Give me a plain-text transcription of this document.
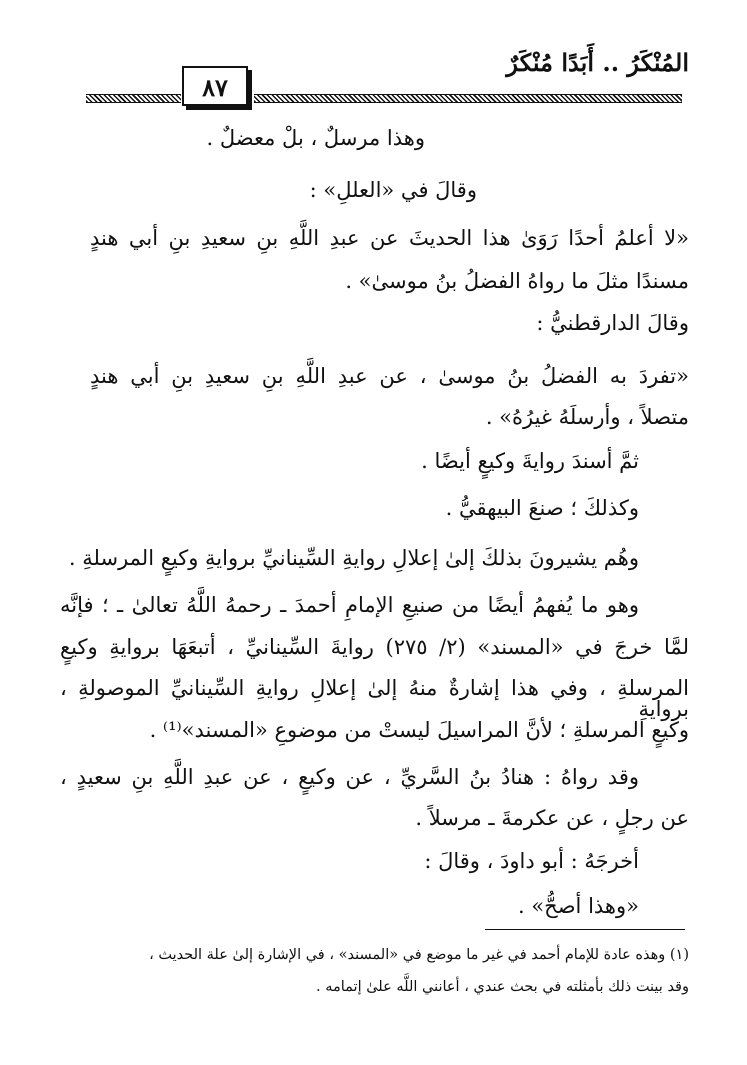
المُنْكَرُ .. أَبَدًا مُنْكَرٌ
٨٧
وهذا مرسلٌ ، بلْ معضلٌ .
وقالَ في «العللِ» :
«لا أعلمُ أحدًا رَوَىٰ هذا الحديثَ عن عبدِ اللَّهِ بنِ سعيدِ بنِ أبي هندٍ
مسندًا مثلَ ما رواهُ الفضلُ بنُ موسىٰ» .
وقالَ الدارقطنيُّ :
«تفردَ به الفضلُ بنُ موسىٰ ، عن عبدِ اللَّهِ بنِ سعيدِ بنِ أبي هندٍ
متصلاً ، وأرسلَهُ غيرُهُ» .
ثمَّ أسندَ روايةَ وكيعٍ أيضًا .
وكذلكَ ؛ صنعَ البيهقيُّ .
وهُم يشيرونَ بذلكَ إلىٰ إعلالِ روايةِ السِّينانيِّ بروايةِ وكيعٍ المرسلةِ .
وهو ما يُفهمُ أيضًا من صنيعِ الإمامِ أحمدَ ـ رحمهُ اللَّهُ تعالىٰ ـ ؛ فإنَّه
لمَّا خرجَ في «المسند» (٢/ ٢٧٥) روايةَ السِّينانيِّ ، أتبعَهَا بروايةِ وكيعٍ
المرسلةِ ، وفي هذا إشارةٌ منهُ إلىٰ إعلالِ روايةِ السِّينانيِّ الموصولةِ ، بروايةِ
وكيعٍ المرسلةِ ؛ لأنَّ المراسيلَ ليستْ من موضوعِ «المسند»⁽¹⁾ .
وقد رواهُ : هنادُ بنُ السَّريِّ ، عن وكيعٍ ، عن عبدِ اللَّهِ بنِ سعيدٍ ،
عن رجلٍ ، عن عكرمةَ ـ مرسلاً .
أخرجَهُ : أبو داودَ ، وقالَ :
«وهذا أصحُّ» .
(١) وهذه عادة للإمام أحمد في غير ما موضع في «المسند» ، في الإشارة إلىٰ علة الحديث ،
وقد بينت ذلك بأمثلته في بحث عندي ، أعانني اللَّه علىٰ إتمامه .
